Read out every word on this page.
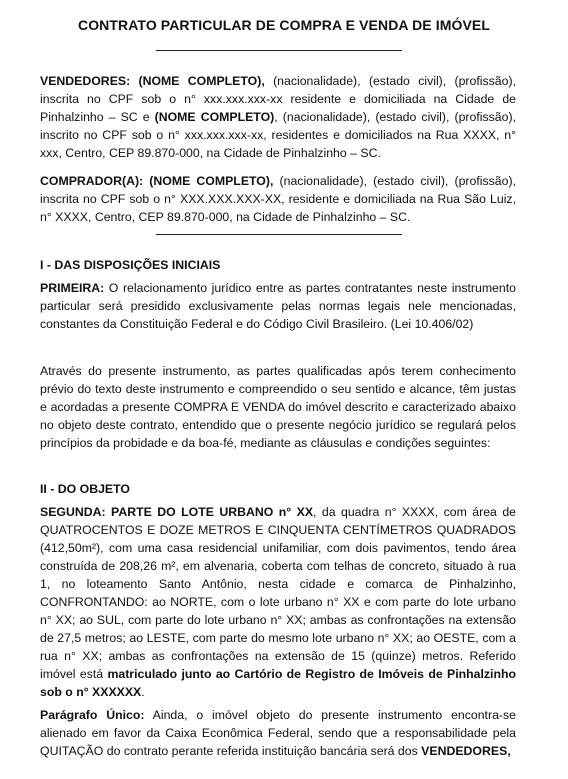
CONTRATO PARTICULAR DE COMPRA E VENDA DE IMÓVEL

VENDEDORES: (NOME COMPLETO), (nacionalidade), (estado civil), (profissão), inscrita no CPF sob o n° xxx.xxx.xxx-xx residente e domiciliada na Cidade de Pinhalzinho – SC e (NOME COMPLETO), (nacionalidade), (estado civil), (profissão), inscrito no CPF sob o n° xxx.xxx.xxx-xx, residentes e domiciliados na Rua XXXX, n° xxx, Centro, CEP 89.870-000, na Cidade de Pinhalzinho – SC.

COMPRADOR(A): (NOME COMPLETO), (nacionalidade), (estado civil), (profissão), inscrita no CPF sob o n° XXX.XXX.XXX-XX, residente e domiciliada na Rua São Luiz, n° XXXX, Centro, CEP 89.870-000, na Cidade de Pinhalzinho – SC.

I - DAS DISPOSIÇÕES INICIAIS

PRIMEIRA: O relacionamento jurídico entre as partes contratantes neste instrumento particular será presidido exclusivamente pelas normas legais nele mencionadas, constantes da Constituição Federal e do Código Civil Brasileiro. (Lei 10.406/02)

Através do presente instrumento, as partes qualificadas após terem conhecimento prévio do texto deste instrumento e compreendido o seu sentido e alcance, têm justas e acordadas a presente COMPRA E VENDA do imóvel descrito e caracterizado abaixo no objeto deste contrato, entendido que o presente negócio jurídico se regulará pelos princípios da probidade e da boa-fé, mediante as cláusulas e condições seguintes:

II - DO OBJETO

SEGUNDA: PARTE DO LOTE URBANO n° XX, da quadra n° XXXX, com área de QUATROCENTOS E DOZE METROS E CINQUENTA CENTÍMETROS QUADRADOS (412,50m²), com uma casa residencial unifamiliar, com dois pavimentos, tendo área construída de 208,26 m², em alvenaria, coberta com telhas de concreto, situado à rua 1, no loteamento Santo Antônio, nesta cidade e comarca de Pinhalzinho, CONFRONTANDO: ao NORTE, com o lote urbano n° XX e com parte do lote urbano n° XX; ao SUL, com parte do lote urbano n° XX; ambas as confrontações na extensão de 27,5 metros; ao LESTE, com parte do mesmo lote urbano n° XX; ao OESTE, com a rua n° XX; ambas as confrontações na extensão de 15 (quinze) metros. Referido imóvel está matriculado junto ao Cartório de Registro de Imóveis de Pinhalzinho sob o n° XXXXXX.

Parágrafo Único: Ainda, o imóvel objeto do presente instrumento encontra-se alienado em favor da Caixa Econômica Federal, sendo que a responsabilidade pela QUITAÇÃO do contrato perante referida instituição bancária será dos VENDEDORES,
